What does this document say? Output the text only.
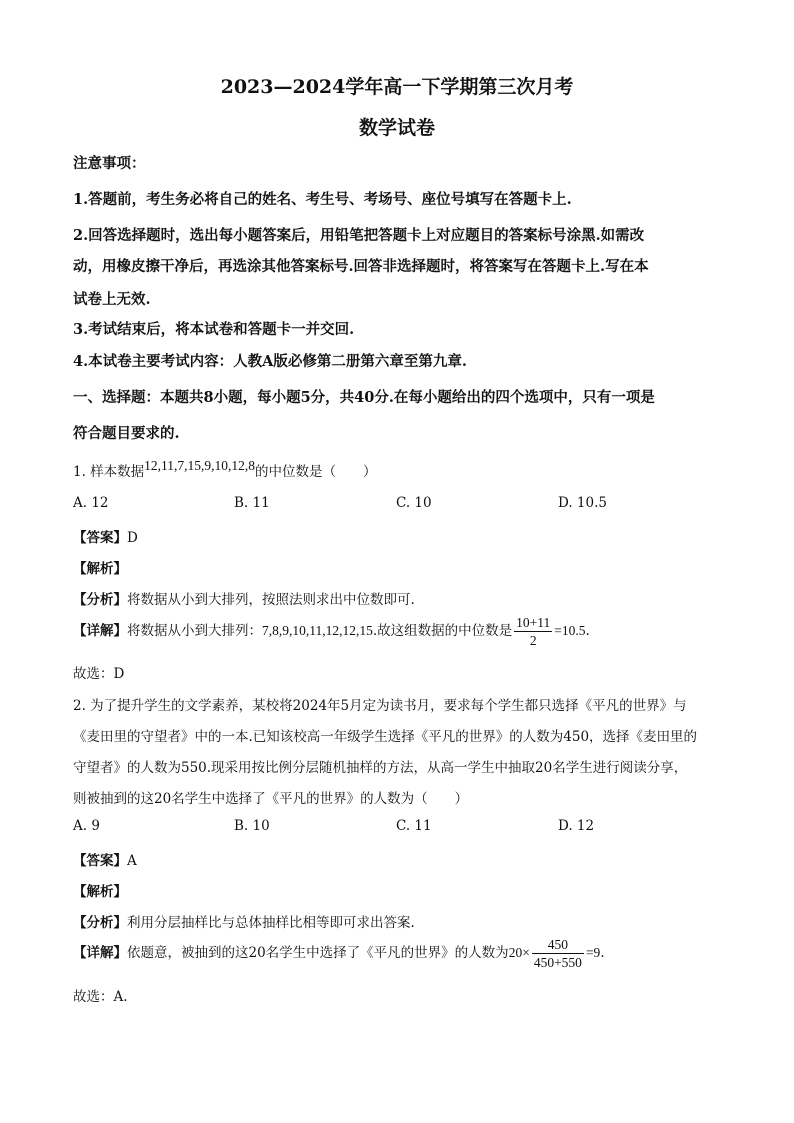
2023—2024学年高一下学期第三次月考
数学试卷
注意事项：
1.答题前，考生务必将自己的姓名、考生号、考场号、座位号填写在答题卡上.
2.回答选择题时，选出每小题答案后，用铅笔把答题卡上对应题目的答案标号涂黑.如需改
动，用橡皮擦干净后，再选涂其他答案标号.回答非选择题时，将答案写在答题卡上.写在本
试卷上无效.
3.考试结束后，将本试卷和答题卡一并交回.
4.本试卷主要考试内容：人教A版必修第二册第六章至第九章.
一、选择题：本题共8小题，每小题5分，共40分.在每小题给出的四个选项中，只有一项是
符合题目要求的.
1. 样本数据12,11,7,15,9,10,12,8的中位数是（　　）
A. 12	B. 11	C. 10	D. 10.5
【答案】D
【解析】
【分析】将数据从小到大排列，按照法则求出中位数即可.
【详解】将数据从小到大排列：7,8,9,10,11,12,12,15.故这组数据的中位数是 $\frac{10+11}{2} =10.5$.
故选：D
2. 为了提升学生的文学素养，某校将2024年5月定为读书月，要求每个学生都只选择《平凡的世界》与
《麦田里的守望者》中的一本.已知该校高一年级学生选择《平凡的世界》的人数为450，选择《麦田里的
守望者》的人数为550.现采用按比例分层随机抽样的方法，从高一学生中抽取20名学生进行阅读分享，
则被抽到的这20名学生中选择了《平凡的世界》的人数为（　　）
A. 9	B. 10	C. 11	D. 12
【答案】A
【解析】
【分析】利用分层抽样比与总体抽样比相等即可求出答案.
【详解】依题意，被抽到的这20名学生中选择了《平凡的世界》的人数为$20\times \frac{450}{450+550} =9$.
故选：A.
